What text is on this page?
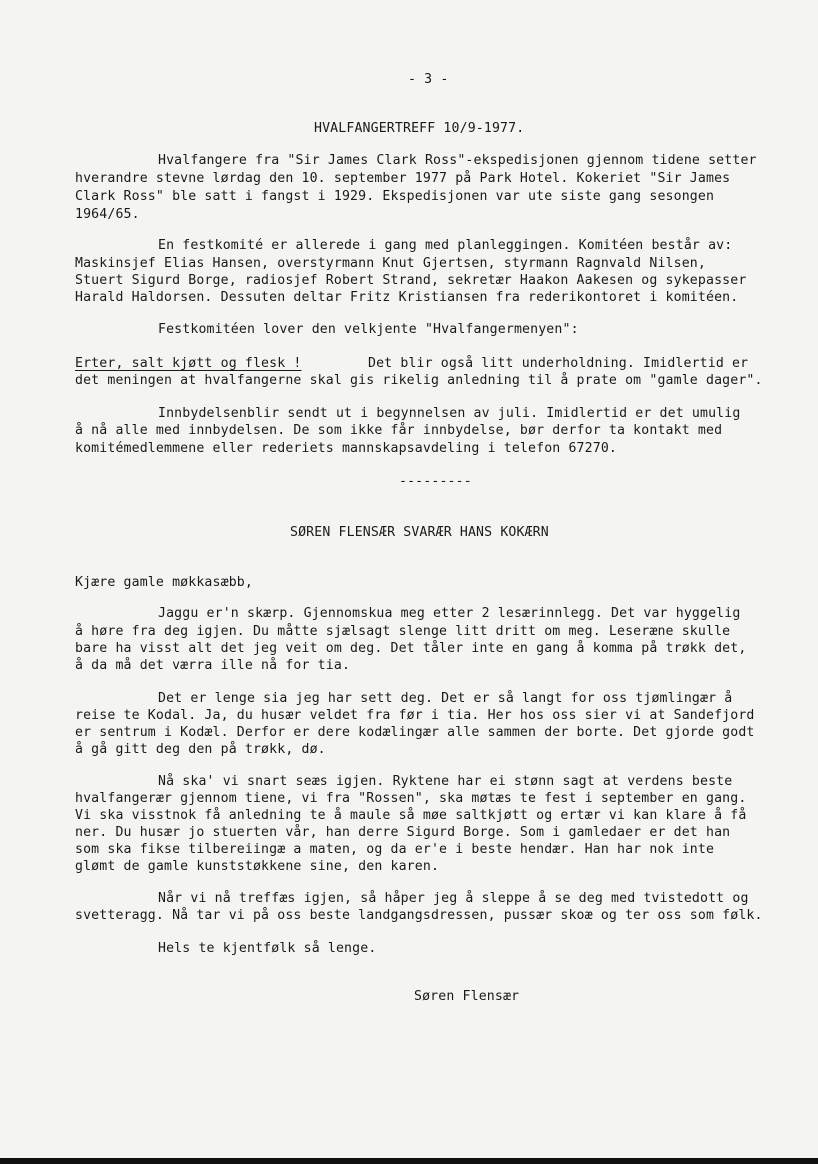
- 3 -
HVALFANGERTREFF 10/9-1977.
Hvalfangere fra "Sir James Clark Ross"-ekspedisjonen gjennom tidene setter
hverandre stevne lørdag den 10. september 1977 på Park Hotel. Kokeriet "Sir James
Clark Ross" ble satt i fangst i 1929. Ekspedisjonen var ute siste gang sesongen
1964/65.
En festkomité er allerede i gang med planleggingen. Komitéen består av:
Maskinsjef Elias Hansen, overstyrmann Knut Gjertsen, styrmann Ragnvald Nilsen,
Stuert Sigurd Borge, radiosjef Robert Strand, sekretær Haakon Aakesen og sykepasser
Harald Haldorsen. Dessuten deltar Fritz Kristiansen fra rederikontoret i komitéen.
Festkomitéen lover den velkjente "Hvalfangermenyen":
Erter, salt kjøtt og flesk !	Det blir også litt underholdning. Imidlertid er
det meningen at hvalfangerne skal gis rikelig anledning til å prate om "gamle dager".
Innbydelsenblir sendt ut i begynnelsen av juli. Imidlertid er det umulig
å nå alle med innbydelsen. De som ikke får innbydelse, bør derfor ta kontakt med
komitémedlemmene eller rederiets mannskapsavdeling i telefon 67270.
---------
SØREN FLENSÆR SVARÆR HANS KOKÆRN
Kjære gamle møkkasæbb,
Jaggu er'n skærp. Gjennomskua meg etter 2 lesærinnlegg. Det var hyggelig
å høre fra deg igjen. Du måtte sjælsagt slenge litt dritt om meg. Leseræne skulle
bare ha visst alt det jeg veit om deg. Det tåler inte en gang å komma på trøkk det,
å da må det værra ille nå for tia.
Det er lenge sia jeg har sett deg. Det er så langt for oss tjømlingær å
reise te Kodal. Ja, du husær veldet fra før i tia. Her hos oss sier vi at Sandefjord
er sentrum i Kodæl. Derfor er dere kodælingær alle sammen der borte. Det gjorde godt
å gå gitt deg den på trøkk, dø.
Nå ska' vi snart seæs igjen. Ryktene har ei stønn sagt at verdens beste
hvalfangerær gjennom tiene, vi fra "Rossen", ska møtæs te fest i september en gang.
Vi ska visstnok få anledning te å maule så møe saltkjøtt og ertær vi kan klare å få
ner. Du husær jo stuerten vår, han derre Sigurd Borge. Som i gamledaer er det han
som ska fikse tilbereiingæ a maten, og da er'e i beste hendær. Han har nok inte
glømt de gamle kunststøkkene sine, den karen.
Når vi nå treffæs igjen, så håper jeg å sleppe å se deg med tvistedott og
svetteragg. Nå tar vi på oss beste landgangsdressen, pussær skoæ og ter oss som følk.
Hels te kjentfølk så lenge.
Søren Flensær
